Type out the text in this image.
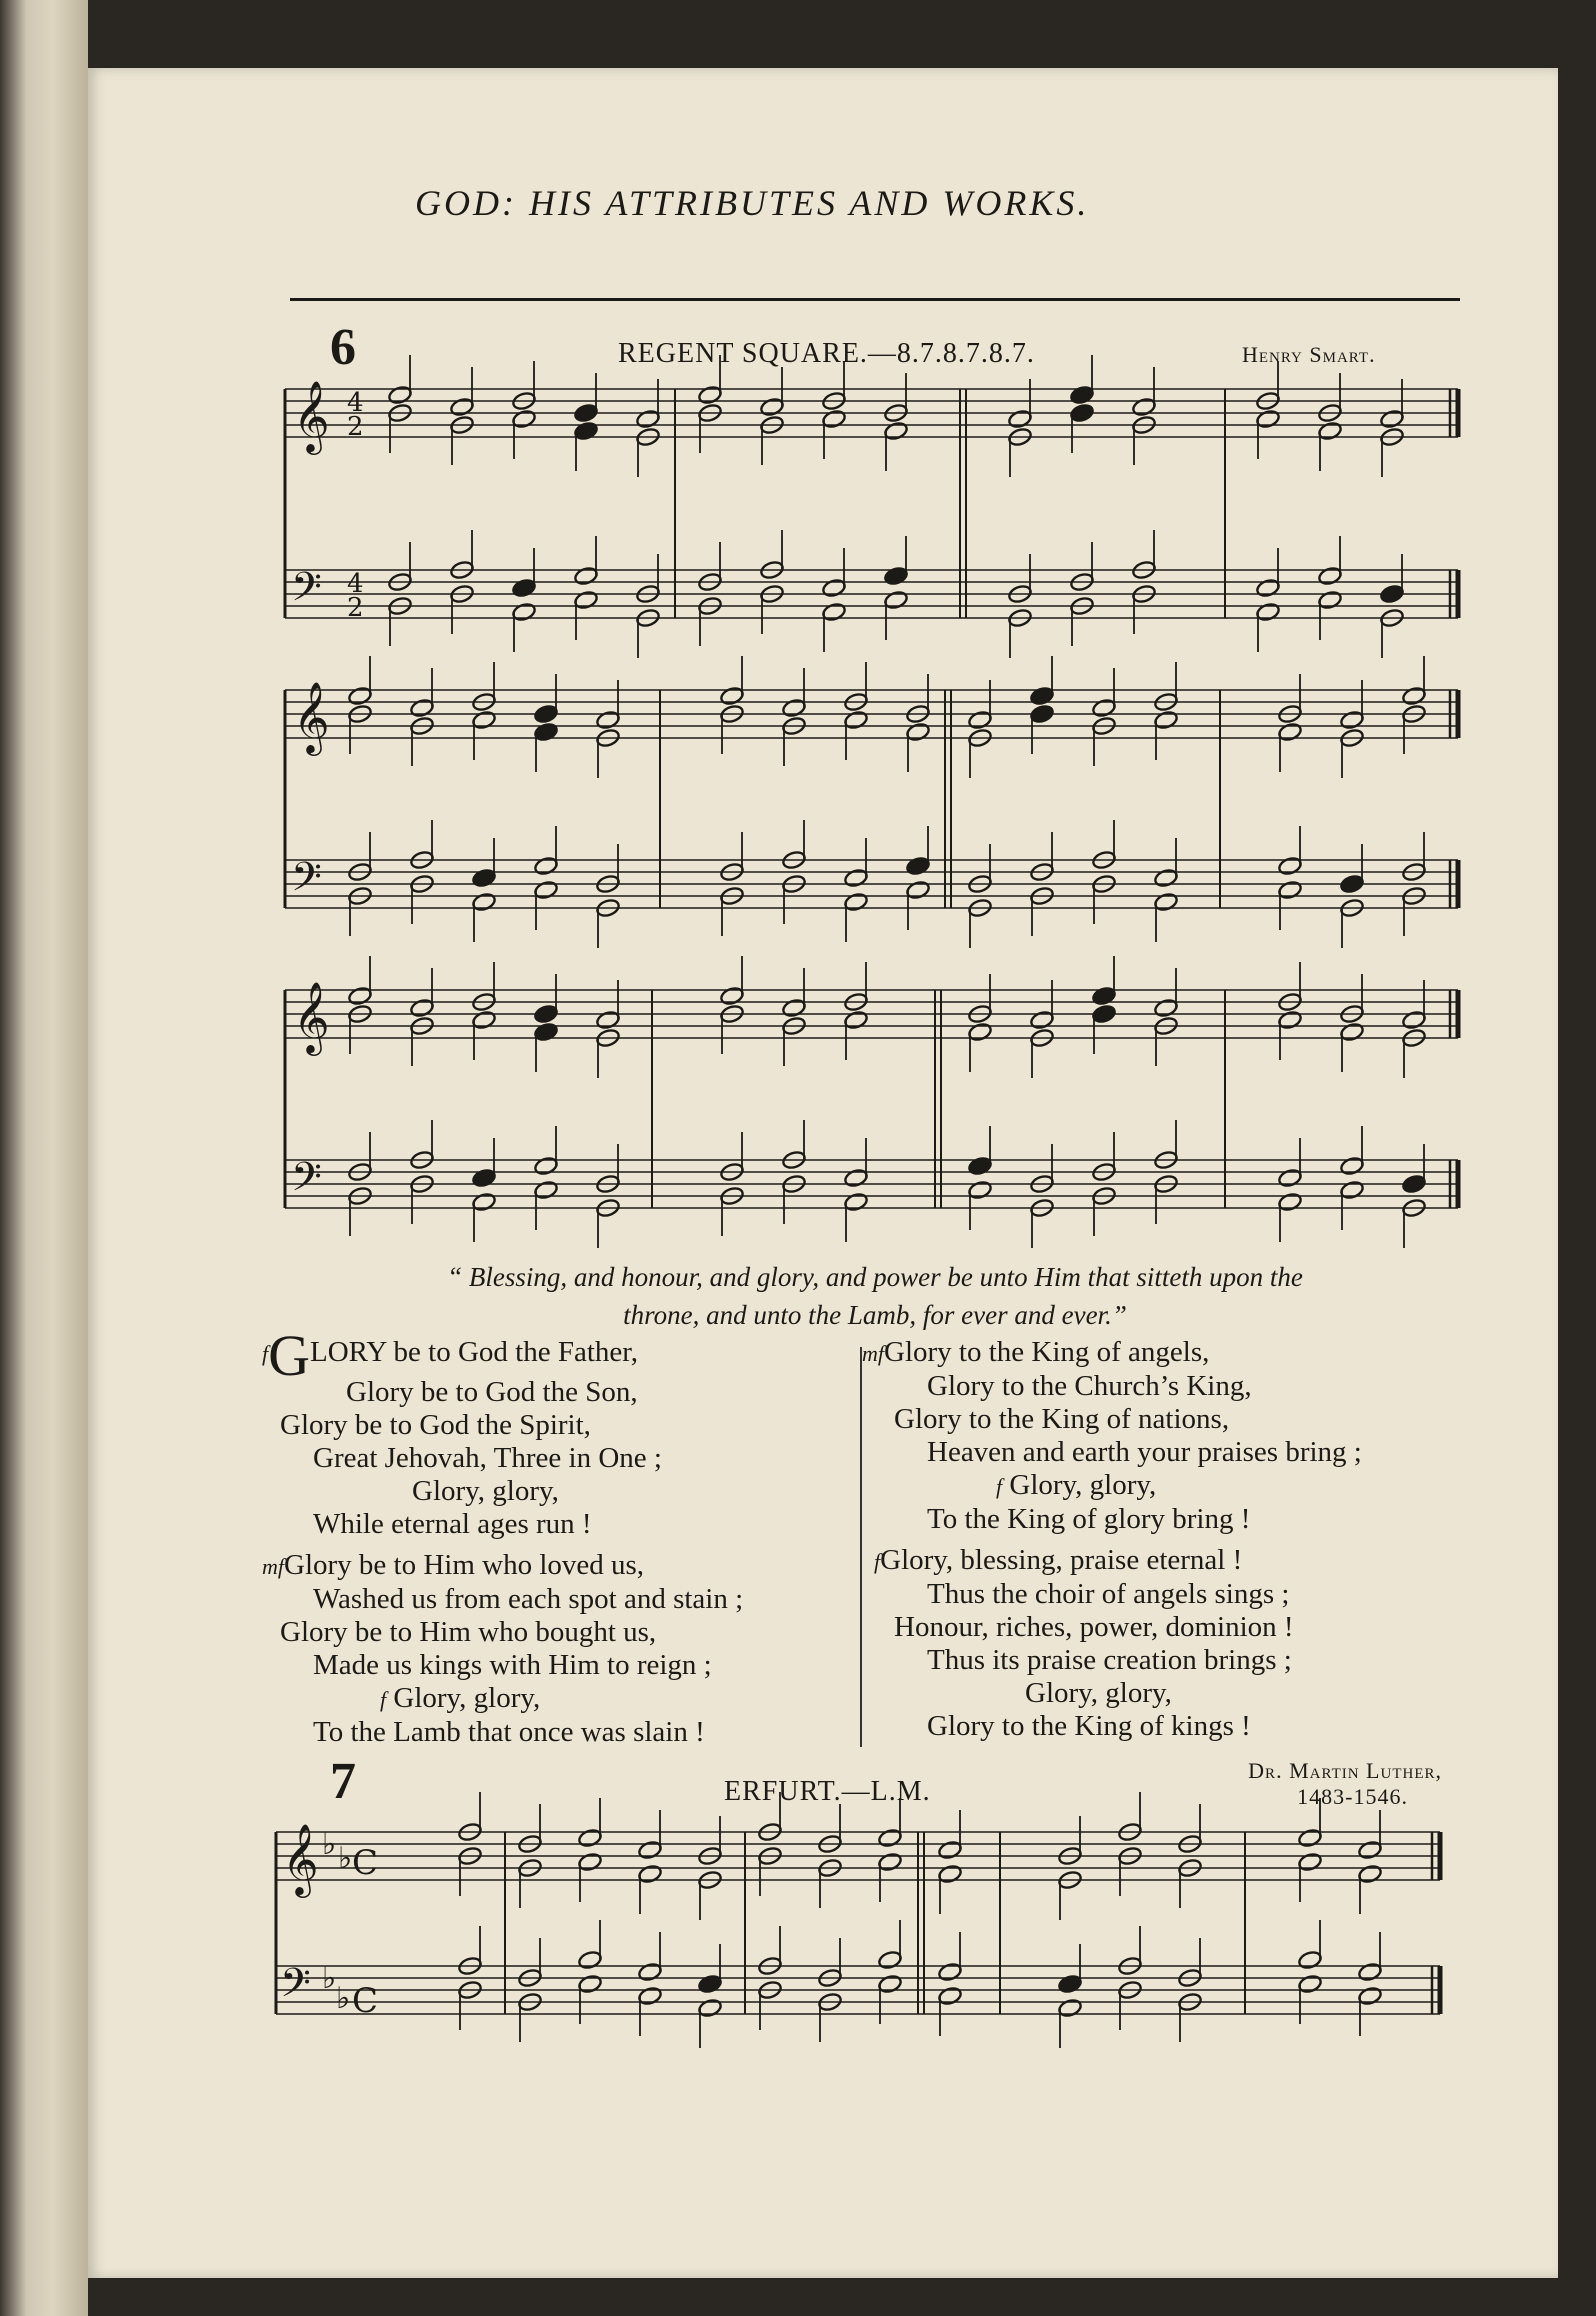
GOD: HIS ATTRIBUTES AND WORKS.
6	REGENT SQUARE.—8.7.8.7.8.7.	Henry Smart.
𝄞
𝄢
4
2
4
2
𝄞
𝄢
𝄞
𝄢
𝄞
𝄢
♭ ♭ C
♭
♭ C
“ Blessing, and honour, and glory, and power be unto Him that sitteth upon the
throne, and unto the Lamb, for ever and ever.”
fGLORY be to God the Father,
Glory be to God the Son,
Glory be to God the Spirit,
Great Jehovah, Three in One ;
Glory, glory,
While eternal ages run !
mfGlory be to Him who loved us,
Washed us from each spot and stain ;
Glory be to Him who bought us,
Made us kings with Him to reign ;
f Glory, glory,
To the Lamb that once was slain !
mfGlory to the King of angels,
Glory to the Church’s King,
Glory to the King of nations,
Heaven and earth your praises bring ;
f Glory, glory,
To the King of glory bring !
fGlory, blessing, praise eternal !
Thus the choir of angels sings ;
Honour, riches, power, dominion !
Thus its praise creation brings ;
Glory, glory,
Glory to the King of kings !
7	ERFURT.—L.M.
Dr. Martin Luther,
1483-1546.
